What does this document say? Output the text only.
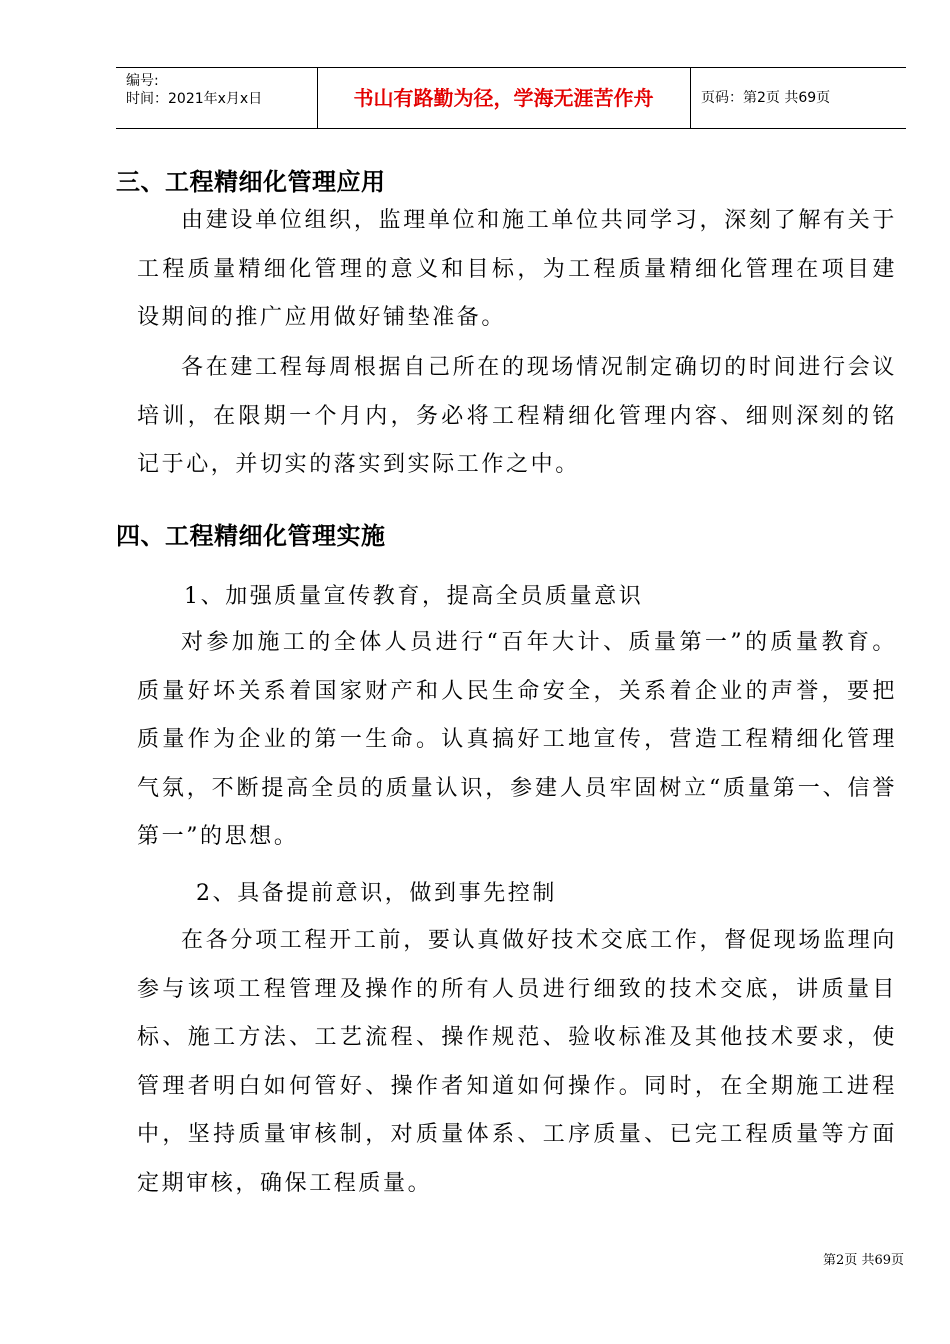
编号:
时间：2021年x月x日	书山有路勤为径，学海无涯苦作舟	页码：第2页 共69页
三、工程精细化管理应用

由建设单位组织，监理单位和施工单位共同学习，深刻了解有关于工程质量精细化管理的意义和目标，为工程质量精细化管理在项目建设期间的推广应用做好铺垫准备。

各在建工程每周根据自己所在的现场情况制定确切的时间进行会议培训，在限期一个月内，务必将工程精细化管理内容、细则深刻的铭记于心，并切实的落实到实际工作之中。

四、工程精细化管理实施
1、加强质量宣传教育，提高全员质量意识

对参加施工的全体人员进行“百年大计、质量第一”的质量教育。质量好坏关系着国家财产和人民生命安全，关系着企业的声誉，要把质量作为企业的第一生命。认真搞好工地宣传，营造工程精细化管理气氛，不断提高全员的质量认识，参建人员牢固树立“质量第一、信誉第一”的思想。

2、具备提前意识，做到事先控制

在各分项工程开工前，要认真做好技术交底工作，督促现场监理向参与该项工程管理及操作的所有人员进行细致的技术交底，讲质量目标、施工方法、工艺流程、操作规范、验收标准及其他技术要求，使管理者明白如何管好、操作者知道如何操作。同时，在全期施工进程中，坚持质量审核制，对质量体系、工序质量、已完工程质量等方面定期审核，确保工程质量。

第2页 共69页
